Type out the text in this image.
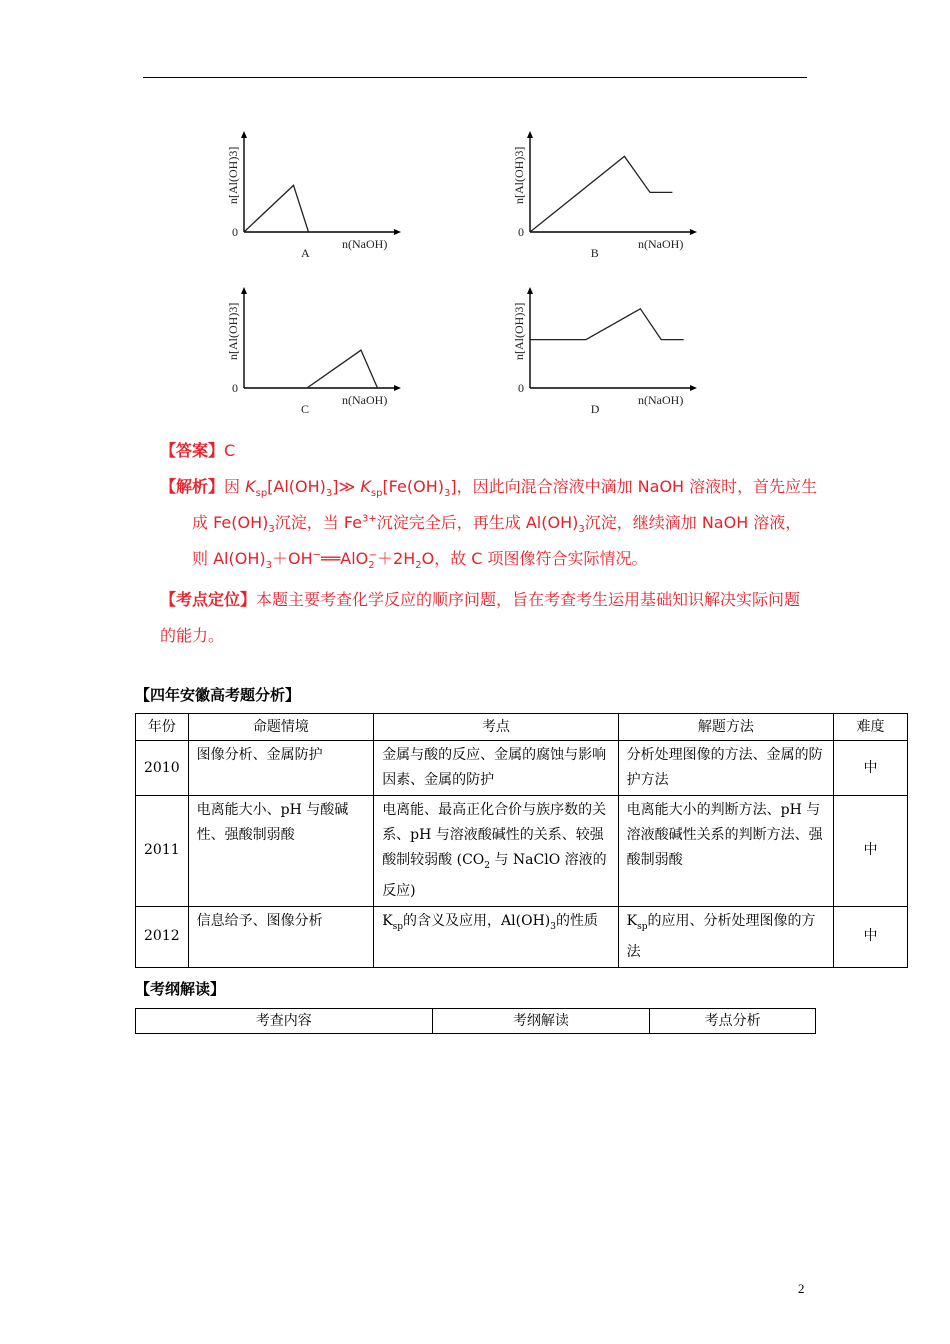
0
n[Al(OH)3]
n(NaOH)
A
0
n[Al(OH)3]
n(NaOH)
B
0
n[Al(OH)3]
n(NaOH)
C
0
n[Al(OH)3]
n(NaOH)
D
【答案】C
【解析】因 $K_{sp}[Al(OH)_3]≫$ $K_{sp}[Fe(OH)_3]$，因此向混合溶液中滴加 NaOH 溶液时，首先应生
成 $Fe(OH)_3$沉淀，当 $Fe^{3+}$沉淀完全后，再生成 $Al(OH)_3$沉淀，继续滴加 NaOH 溶液，
则 $Al(OH)_3+OH^-══AlO_2^-+2H_2O$，故 C 项图像符合实际情况。
【考点定位】本题主要考查化学反应的顺序问题，旨在考查考生运用基础知识解决实际问题
的能力。
【四年安徽高考题分析】
年份	命题情境	考点	解题方法	难度
2010	图像分析、金属防护	金属与酸的反应、金属的腐蚀与影响因素、金属的防护	分析处理图像的方法、金属的防护方法	中
2011	电离能大小、pH 与酸碱性、强酸制弱酸	电离能、最高正化合价与族序数的关系、pH 与溶液酸碱性的关系、较强酸制较弱酸 ($CO_2$ 与 NaClO 溶液的反应)	电离能大小的判断方法、pH 与溶液酸碱性关系的判断方法、强酸制弱酸	中
2012	信息给予、图像分析	$K_{sp}$的含义及应用，$Al(OH)_3$的性质	$K_{sp}$的应用、分析处理图像的方法	中
【考纲解读】
考查内容	考纲解读	考点分析
2
